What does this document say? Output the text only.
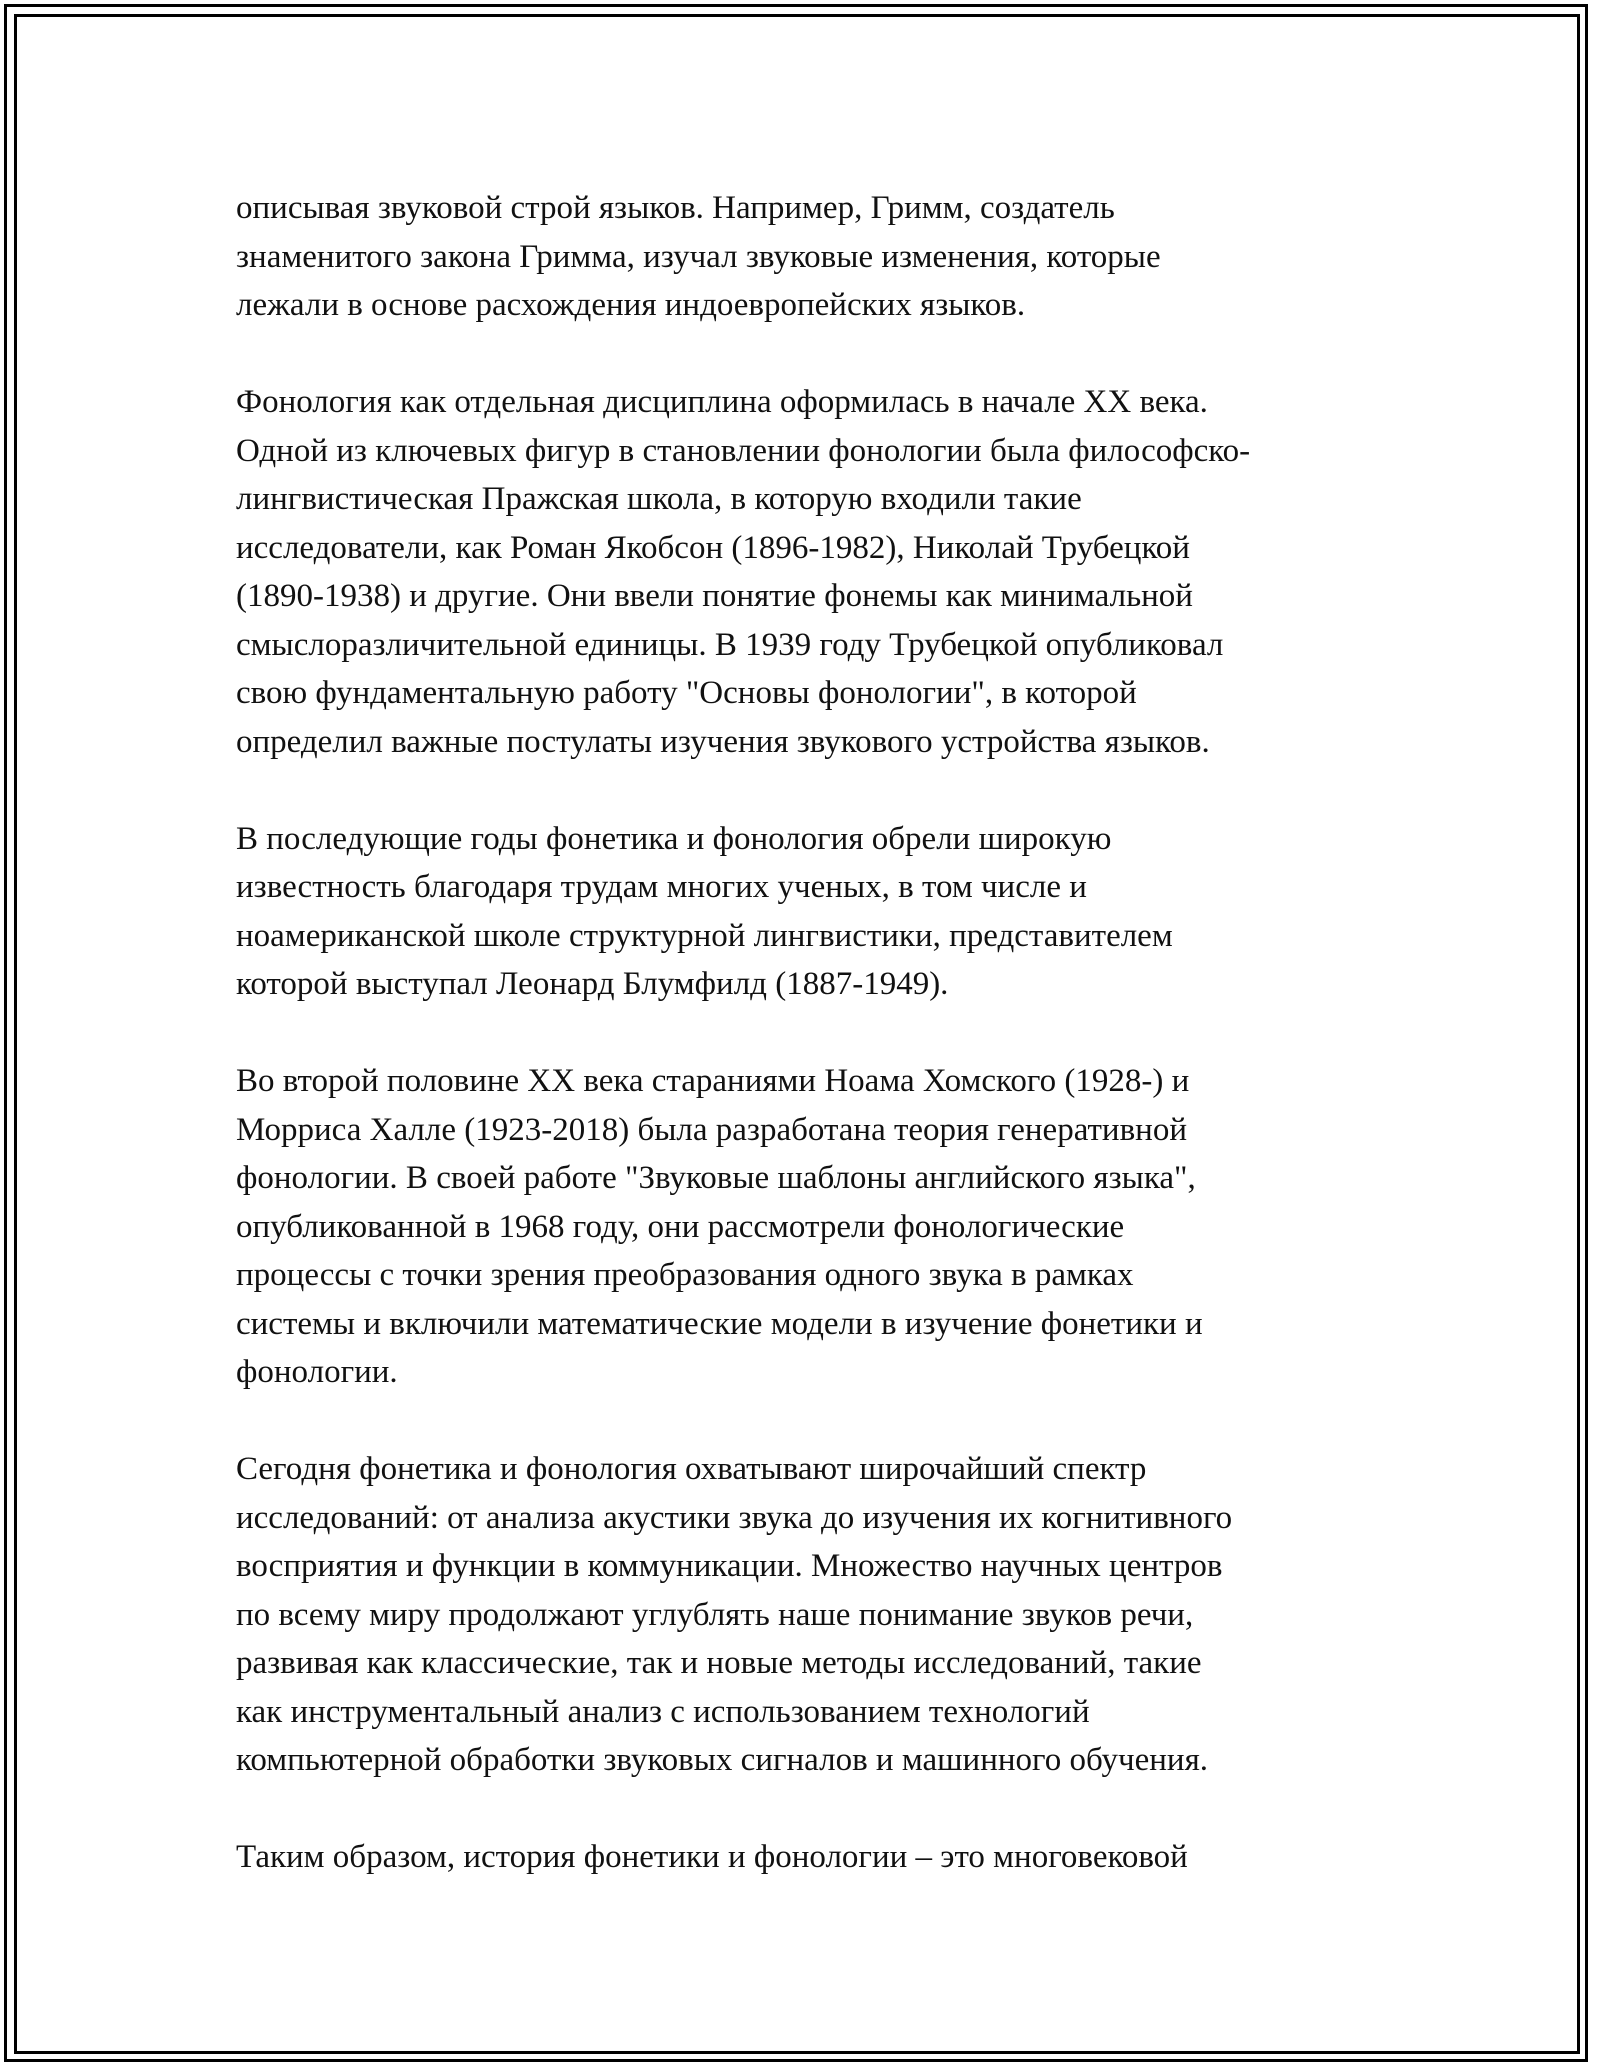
описывая звуковой строй языков. Например, Гримм, создатель
знаменитого закона Гримма, изучал звуковые изменения, которые
лежали в основе расхождения индоевропейских языков.
Фонология как отдельная дисциплина оформилась в начале XX века.
Одной из ключевых фигур в становлении фонологии была философско-
лингвистическая Пражская школа, в которую входили такие
исследователи, как Роман Якобсон (1896-1982), Николай Трубецкой
(1890-1938) и другие. Они ввели понятие фонемы как минимальной
смыслоразличительной единицы. В 1939 году Трубецкой опубликовал
свою фундаментальную работу "Основы фонологии", в которой
определил важные постулаты изучения звукового устройства языков.
В последующие годы фонетика и фонология обрели широкую
известность благодаря трудам многих ученых, в том числе и
ноамериканской школе структурной лингвистики, представителем
которой выступал Леонард Блумфилд (1887-1949).
Во второй половине XX века стараниями Ноама Хомского (1928-) и
Морриса Халле (1923-2018) была разработана теория генеративной
фонологии. В своей работе "Звуковые шаблоны английского языка",
опубликованной в 1968 году, они рассмотрели фонологические
процессы с точки зрения преобразования одного звука в рамках
системы и включили математические модели в изучение фонетики и
фонологии.
Сегодня фонетика и фонология охватывают широчайший спектр
исследований: от анализа акустики звука до изучения их когнитивного
восприятия и функции в коммуникации. Множество научных центров
по всему миру продолжают углублять наше понимание звуков речи,
развивая как классические, так и новые методы исследований, такие
как инструментальный анализ с использованием технологий
компьютерной обработки звуковых сигналов и машинного обучения.
Таким образом, история фонетики и фонологии – это многовековой
